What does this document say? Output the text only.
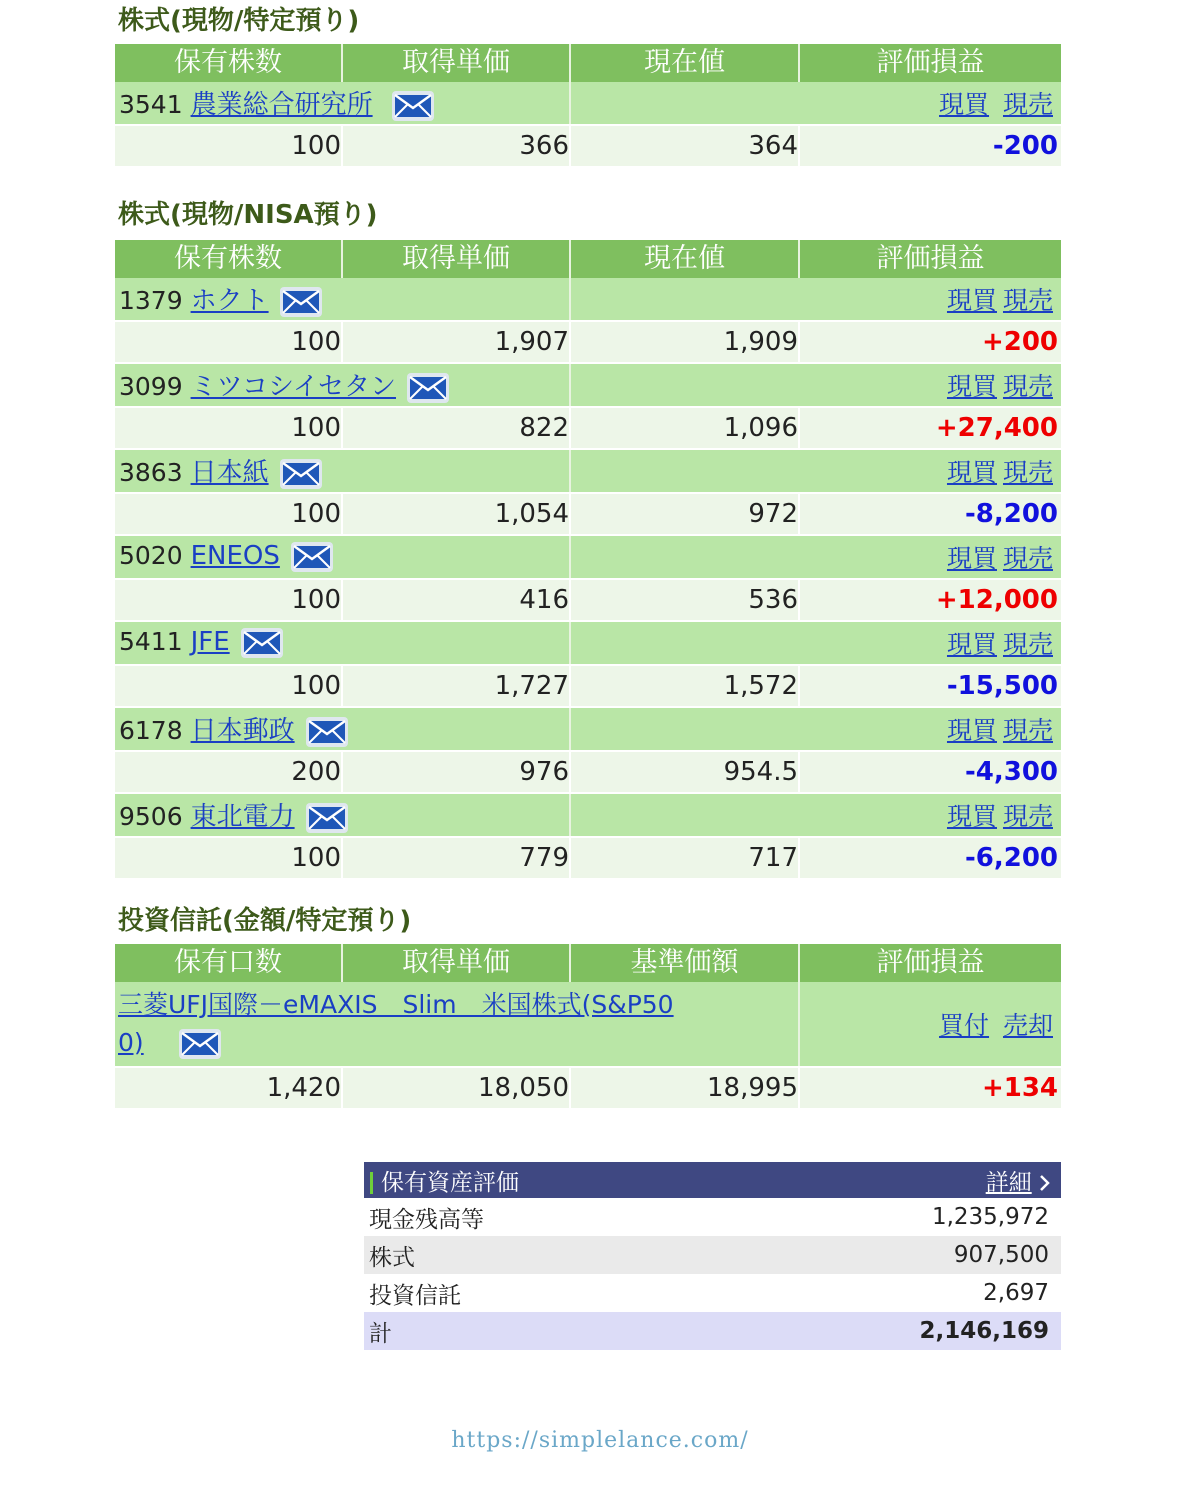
株式(現物/特定預り)
保有株数	取得単価	現在値	評価損益
3541 農業総合研究所		現買 現売	
100	366	364	-200
株式(現物/NISA預り)
保有株数	取得単価	現在値	評価損益
1379 ホクト		現買 現売	
100	1,907	1,909	+200
3099 ミツコシイセタン		現買 現売	
100	822	1,096	+27,400
3863 日本紙		現買 現売	
100	1,054	972	-8,200
5020 ENEOS		現買 現売	
100	416	536	+12,000
5411 JFE		現買 現売	
100	1,727	1,572	-15,500
6178 日本郵政		現買 現売	
200	976	954.5	-4,300
9506 東北電力		現買 現売	
100	779	717	-6,200
投資信託(金額/特定預り)
保有口数	取得単価	基準価額	評価損益

三菱UFJ国際－eMAXIS　Slim　米国株式(S&P50
0)			買付 売却
1,420	18,050	18,995	+134
保有資産評価	詳細
現金残高等	1,235,972
株式	907,500
投資信託	2,697
計	2,146,169
https://simplelance.com/
